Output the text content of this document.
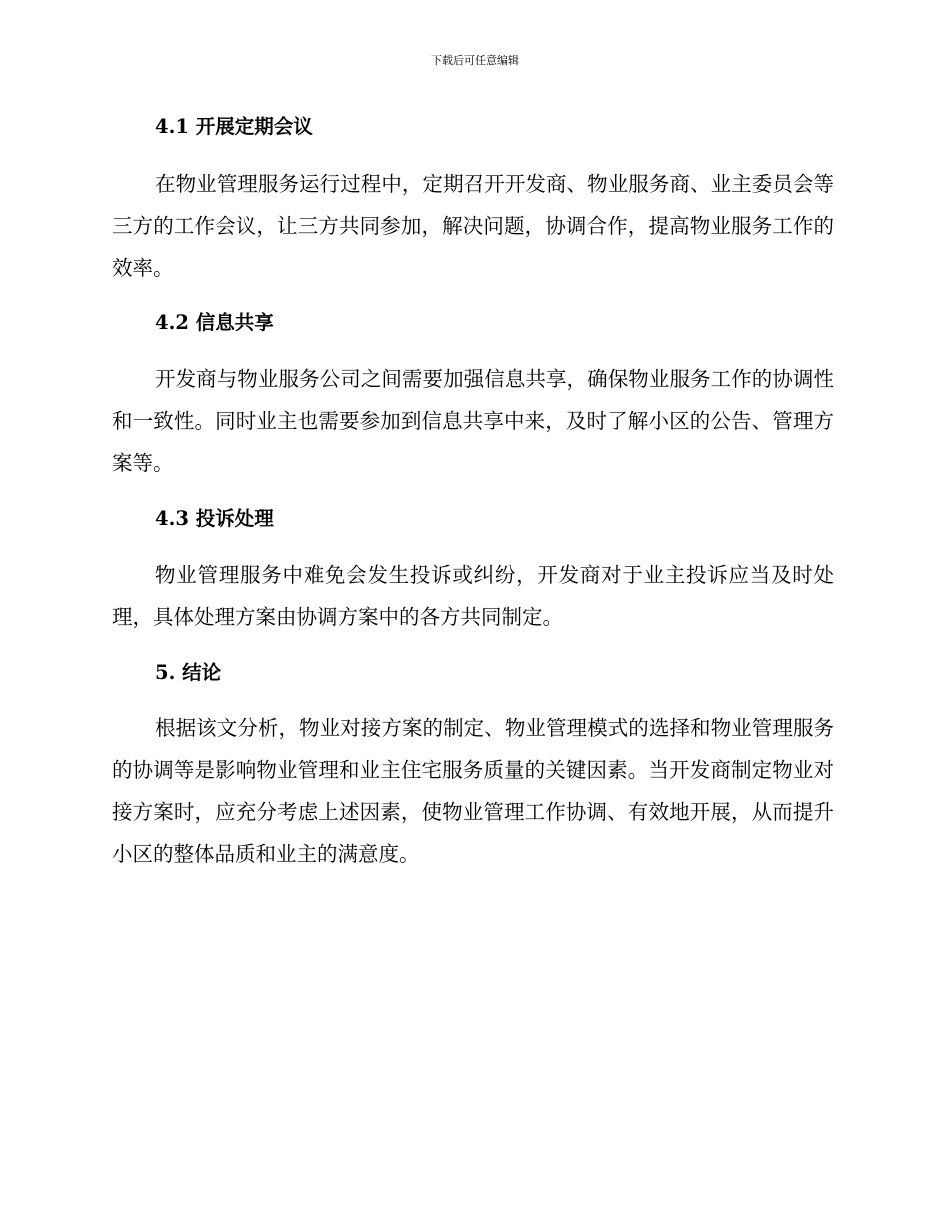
下载后可任意编辑
4.1 开展定期会议

在物业管理服务运行过程中，定期召开开发商、物业服务商、业主委员会等三方的工作会议，让三方共同参加，解决问题，协调合作，提高物业服务工作的效率。

4.2 信息共享

开发商与物业服务公司之间需要加强信息共享，确保物业服务工作的协调性和一致性。同时业主也需要参加到信息共享中来，及时了解小区的公告、管理方案等。

4.3 投诉处理

物业管理服务中难免会发生投诉或纠纷，开发商对于业主投诉应当及时处理，具体处理方案由协调方案中的各方共同制定。

5. 结论

根据该文分析，物业对接方案的制定、物业管理模式的选择和物业管理服务的协调等是影响物业管理和业主住宅服务质量的关键因素。当开发商制定物业对接方案时，应充分考虑上述因素，使物业管理工作协调、有效地开展，从而提升小区的整体品质和业主的满意度。
